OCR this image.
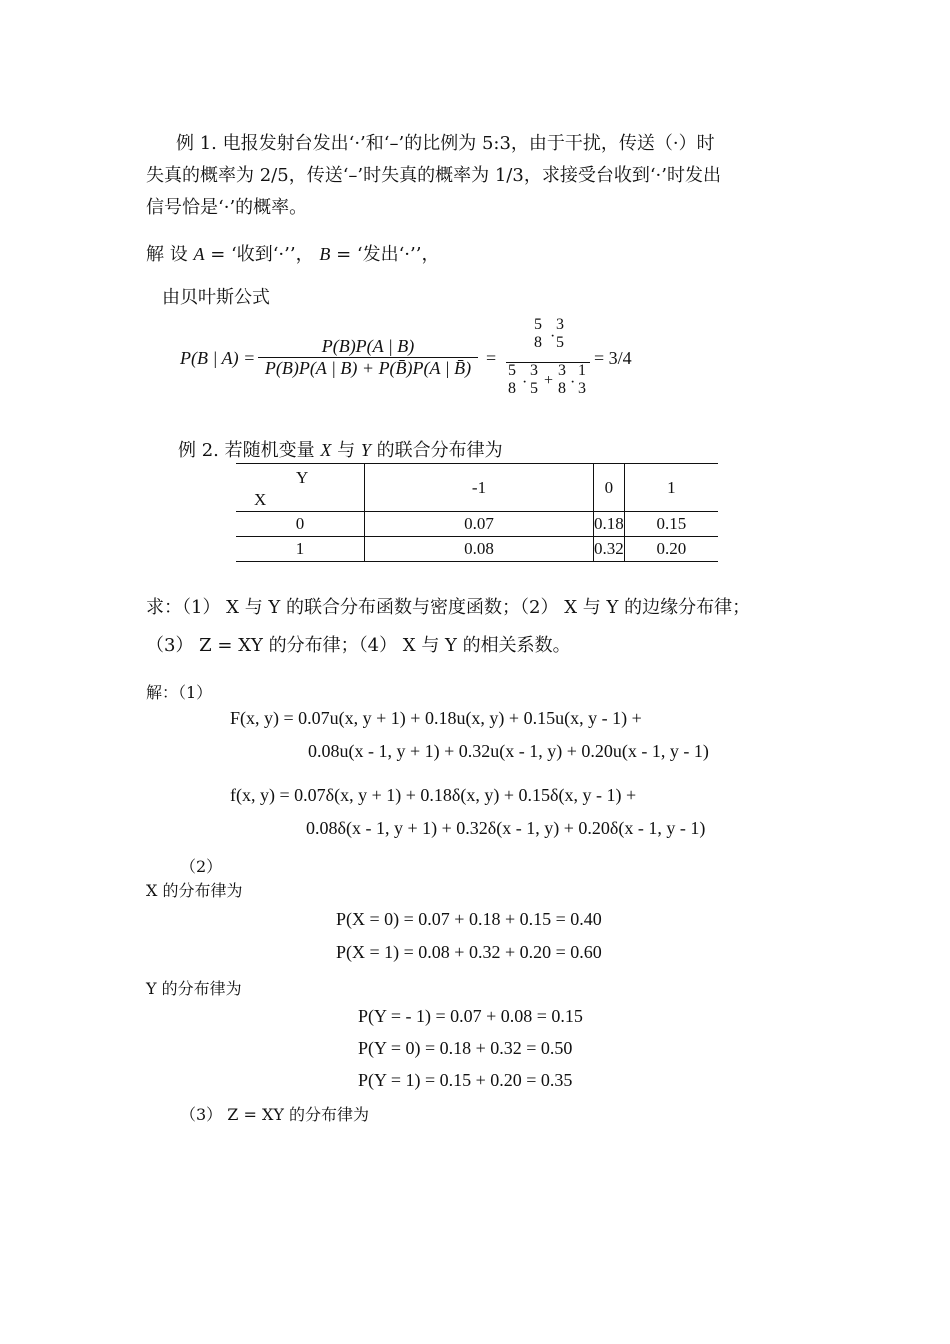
例 1. 电报发射台发出‘·’和‘–’的比例为 5:3，由于干扰，传送（·）时
失真的概率为 2/5，传送‘–’时失真的概率为 1/3，求接受台收到‘·’时发出
信号恰是‘·’的概率。
解 设 A = ‘收到‘·’’， B = ‘发出‘·’’，
由贝叶斯公式
P(B | $A) = \frac{P(B)P(A | B)}{P(B)P(A | B) + P(B̄)P(A | B̄)}$ =
5
8 ·
3
5
5
8 ·
3
5 +
3
8 ·
1
3
= 3/4
例 2. 若随机变量 X 与 Y 的联合分布律为
Y
X	-1	0	1
0	0.07	0.18	0.15
1	0.08	0.32	0.20
求：（1） X 与 Y 的联合分布函数与密度函数；（2） X 与 Y 的边缘分布律；
（3） Z = XY 的分布律；（4） X 与 Y 的相关系数。
解：（1）
F(x, y) = 0.07u(x, y + 1) + 0.18u(x, y) + 0.15u(x, y - 1) +
0.08u(x - 1, y + 1) + 0.32u(x - 1, y) + 0.20u(x - 1, y - 1)
f(x, y) = 0.07δ(x, y + 1) + 0.18δ(x, y) + 0.15δ(x, y - 1) +
0.08δ(x - 1, y + 1) + 0.32δ(x - 1, y) + 0.20δ(x - 1, y - 1)
（2）
X 的分布律为
P(X = 0) = 0.07 + 0.18 + 0.15 = 0.40
P(X = 1) = 0.08 + 0.32 + 0.20 = 0.60
Y 的分布律为
P(Y = - 1) = 0.07 + 0.08 = 0.15
P(Y = 0) = 0.18 + 0.32 = 0.50
P(Y = 1) = 0.15 + 0.20 = 0.35
（3） Z = XY 的分布律为
